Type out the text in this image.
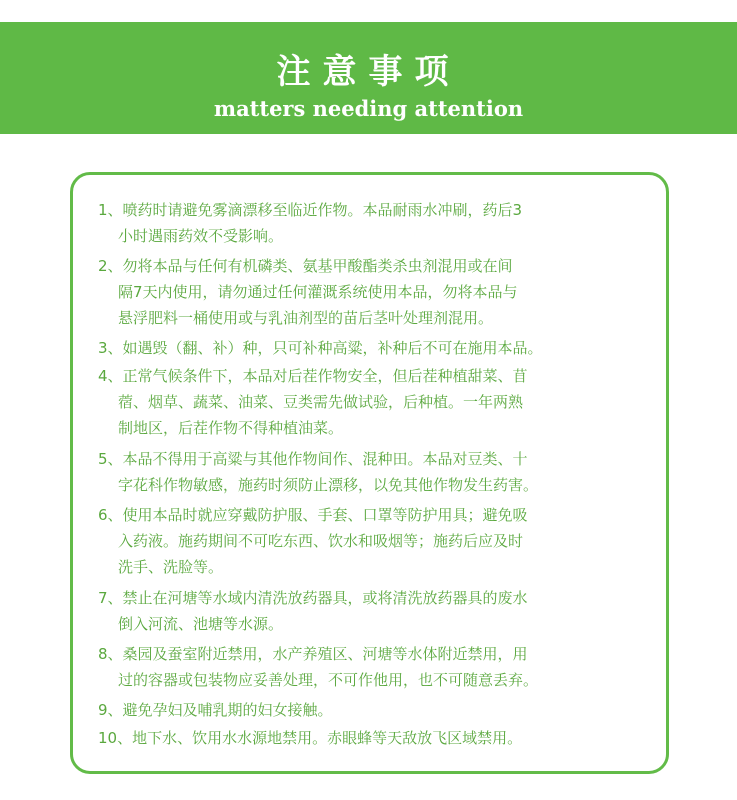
注意事项
matters needing attention
1、喷药时请避免雾滴漂移至临近作物。本品耐雨水冲刷，药后3
小时遇雨药效不受影响。
2、勿将本品与任何有机磷类、氨基甲酸酯类杀虫剂混用或在间
隔7天内使用，请勿通过任何灌溉系统使用本品，勿将本品与
悬浮肥料一桶使用或与乳油剂型的苗后茎叶处理剂混用。
3、如遇毁（翻、补）种，只可补种高粱，补种后不可在施用本品。
4、正常气候条件下，本品对后茬作物安全，但后茬种植甜菜、苜
蓿、烟草、蔬菜、油菜、豆类需先做试验，后种植。一年两熟
制地区，后茬作物不得种植油菜。
5、本品不得用于高粱与其他作物间作、混种田。本品对豆类、十
字花科作物敏感，施药时须防止漂移，以免其他作物发生药害。
6、使用本品时就应穿戴防护服、手套、口罩等防护用具；避免吸
入药液。施药期间不可吃东西、饮水和吸烟等；施药后应及时
洗手、洗脸等。
7、禁止在河塘等水域内清洗放药器具，或将清洗放药器具的废水
倒入河流、池塘等水源。
8、桑园及蚕室附近禁用，水产养殖区、河塘等水体附近禁用，用
过的容器或包装物应妥善处理，不可作他用，也不可随意丢弃。
9、避免孕妇及哺乳期的妇女接触。
10、地下水、饮用水水源地禁用。赤眼蜂等天敌放飞区域禁用。
